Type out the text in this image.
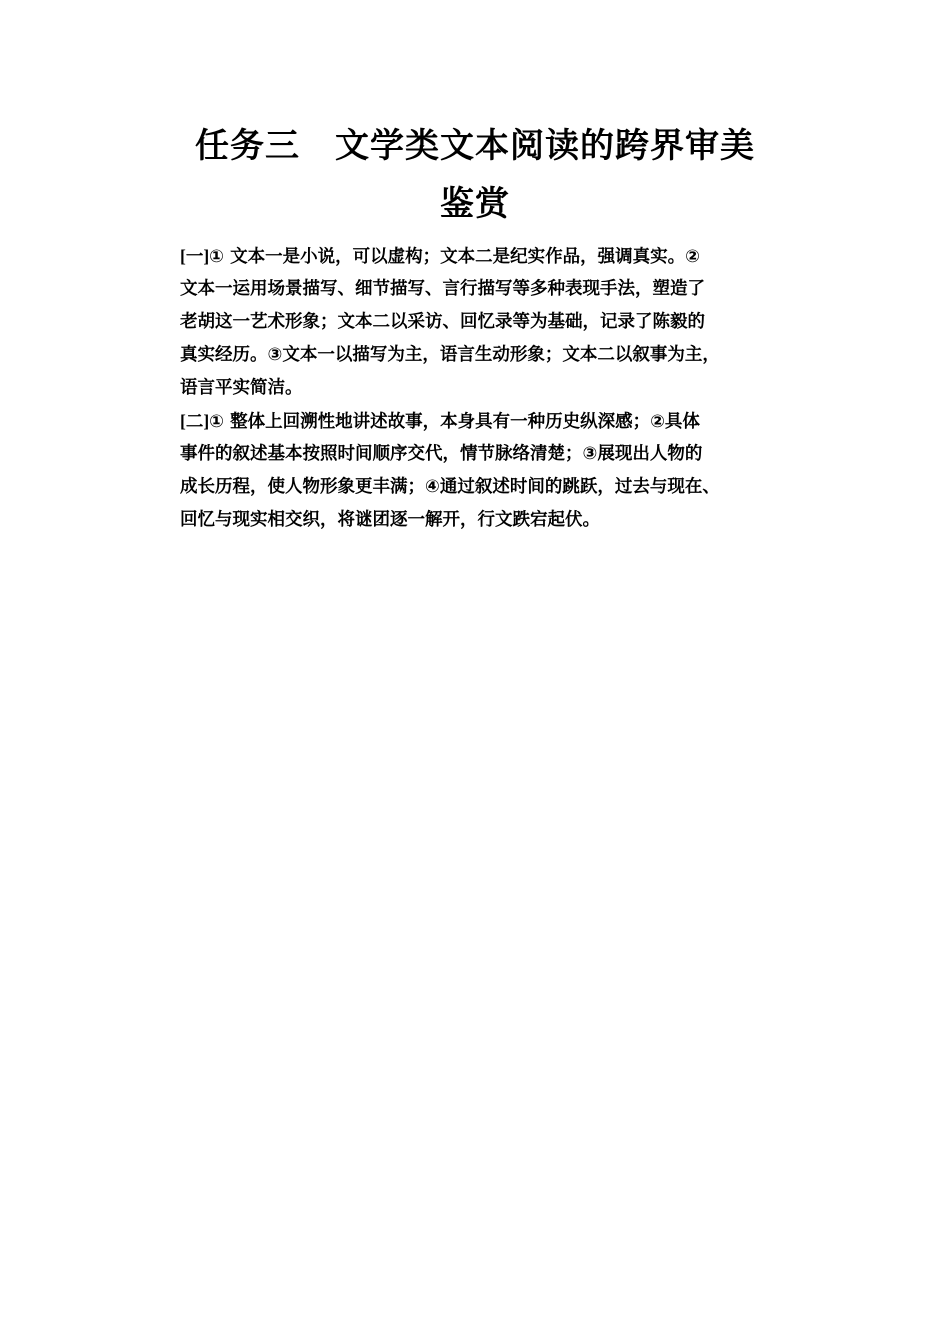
任务三　文学类文本阅读的跨界审美
鉴赏
[一]① 文本一是小说，可以虚构；文本二是纪实作品，强调真实。②
文本一运用场景描写、细节描写、言行描写等多种表现手法，塑造了
老胡这一艺术形象；文本二以采访、回忆录等为基础，记录了陈毅的
真实经历。③文本一以描写为主，语言生动形象；文本二以叙事为主，
语言平实简洁。
[二]① 整体上回溯性地讲述故事，本身具有一种历史纵深感；②具体
事件的叙述基本按照时间顺序交代，情节脉络清楚；③展现出人物的
成长历程，使人物形象更丰满；④通过叙述时间的跳跃，过去与现在、
回忆与现实相交织，将谜团逐一解开，行文跌宕起伏。
